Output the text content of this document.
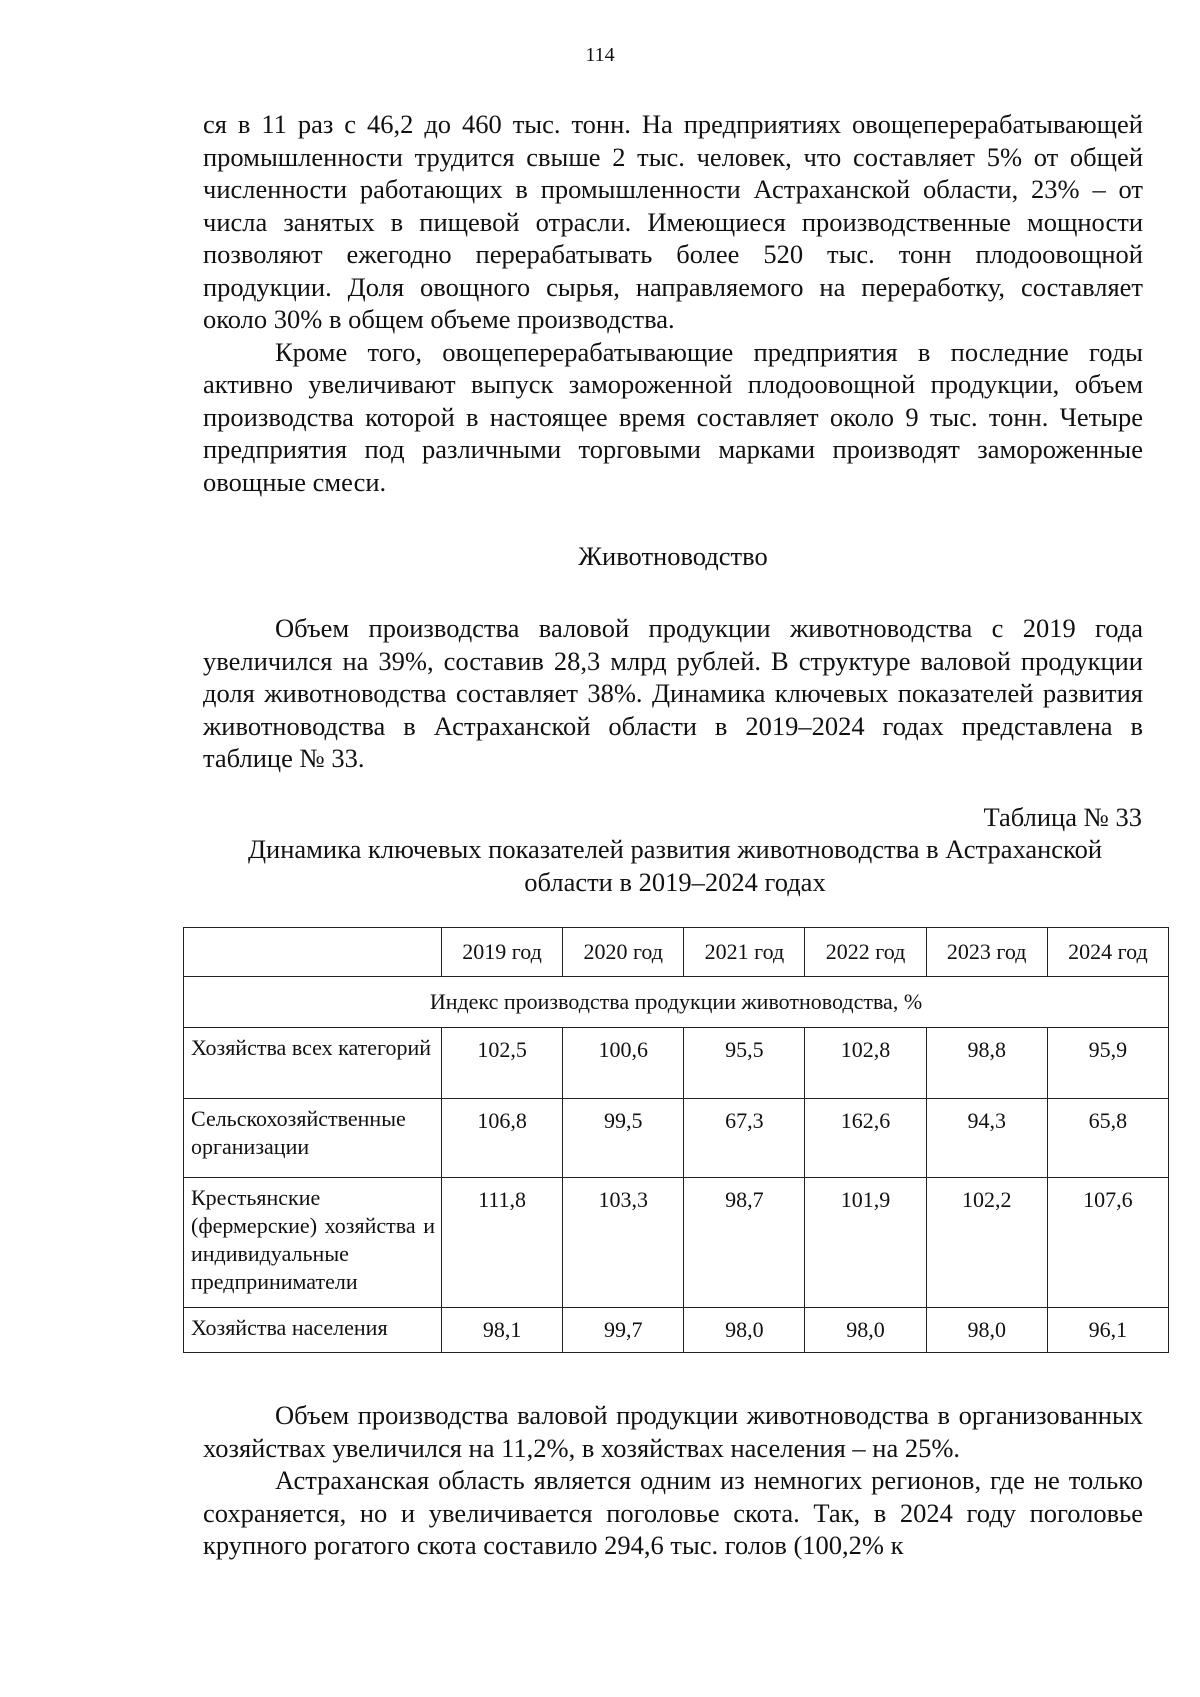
114

ся в 11 раз с 46,2 до 460 тыс. тонн. На предприятиях овощеперерабатывающей промышленности трудится свыше 2 тыс. человек, что составляет 5% от общей численности работающих в промышленности Астраханской области, 23% – от числа занятых в пищевой отрасли. Имеющиеся производственные мощности позволяют ежегодно перерабатывать более 520 тыс. тонн плодоовощной продукции. Доля овощного сырья, направляемого на переработку, составляет около 30% в общем объеме производства.

Кроме того, овощеперерабатывающие предприятия в последние годы активно увеличивают выпуск замороженной плодоовощной продукции, объем производства которой в настоящее время составляет около 9 тыс. тонн. Четыре предприятия под различными торговыми марками производят замороженные овощные смеси.

Животноводство

Объем производства валовой продукции животноводства с 2019 года увеличился на 39%, составив 28,3 млрд рублей. В структуре валовой продукции доля животноводства составляет 38%. Динамика ключевых показателей развития животноводства в Астраханской области в 2019–2024 годах представлена в таблице № 33.

Таблица № 33
Динамика ключевых показателей развития животноводства в Астраханской
области в 2019–2024 годах
	2019 год	2020 год	2021 год	2022 год	2023 год	2024 год
Индекс производства продукции животноводства, %						
Хозяйства всех категорий	102,5	100,6	95,5	102,8	98,8	95,9
Сельскохозяйственные организации	106,8	99,5	67,3	162,6	94,3	65,8
Крестьянские (фермерские) хозяйства и индивидуальные предприниматели	111,8	103,3	98,7	101,9	102,2	107,6
Хозяйства населения	98,1	99,7	98,0	98,0	98,0	96,1

Объем производства валовой продукции животноводства в организованных хозяйствах увеличился на 11,2%, в хозяйствах населения – на 25%.

Астраханская область является одним из немногих регионов, где не только сохраняется, но и увеличивается поголовье скота. Так, в 2024 году поголовье крупного рогатого скота составило 294,6 тыс. голов (100,2% к
